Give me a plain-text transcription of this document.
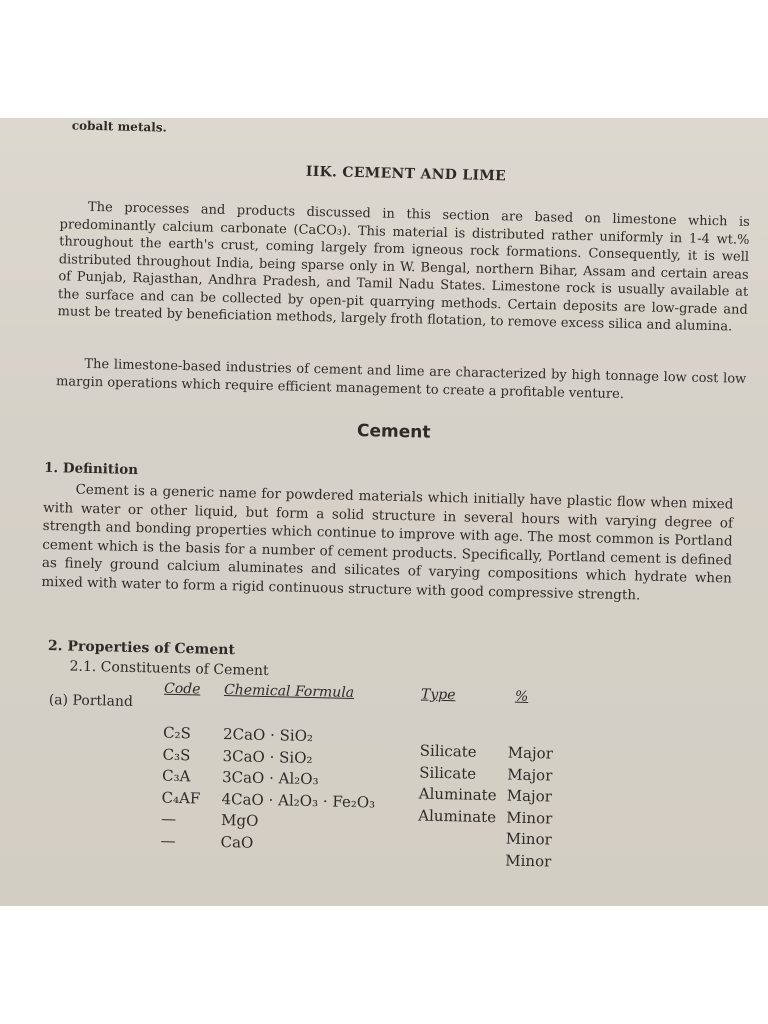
cobalt metals.
IIK. CEMENT AND LIME
The processes and products discussed in this section are based on limestone which is predominantly calcium carbonate (CaCO₃). This material is distributed rather uniformly in 1-4 wt.% throughout the earth's crust, coming largely from igneous rock formations. Consequently, it is well distributed throughout India, being sparse only in W. Bengal, northern Bihar, Assam and certain areas of Punjab, Rajasthan, Andhra Pradesh, and Tamil Nadu States. Limestone rock is usually available at the surface and can be collected by open-pit quarrying methods. Certain deposits are low-grade and must be treated by beneficiation methods, largely froth flotation, to remove excess silica and alumina.
The limestone-based industries of cement and lime are characterized by high tonnage low cost low margin operations which require efficient management to create a profitable venture.
Cement
1. Definition
Cement is a generic name for powdered materials which initially have plastic flow when mixed with water or other liquid, but form a solid structure in several hours with varying degree of strength and bonding properties which continue to improve with age. The most common is Portland cement which is the basis for a number of cement products. Specifically, Portland cement is defined as finely ground calcium aluminates and silicates of varying compositions which hydrate when mixed with water to form a rigid continuous structure with good compressive strength.
2. Properties of Cement
2.1. Constituents of Cement
Code Chemical Formula	Type	%
(a) Portland
C₂S
C₃S
C₃A
C₄AF
—
—
2CaO · SiO₂
3CaO · SiO₂
3CaO · Al₂O₃
4CaO · Al₂O₃ · Fe₂O₃
MgO
CaO
Silicate
Silicate
Aluminate
Aluminate
Major
Major
Major
Minor
Minor
Minor
